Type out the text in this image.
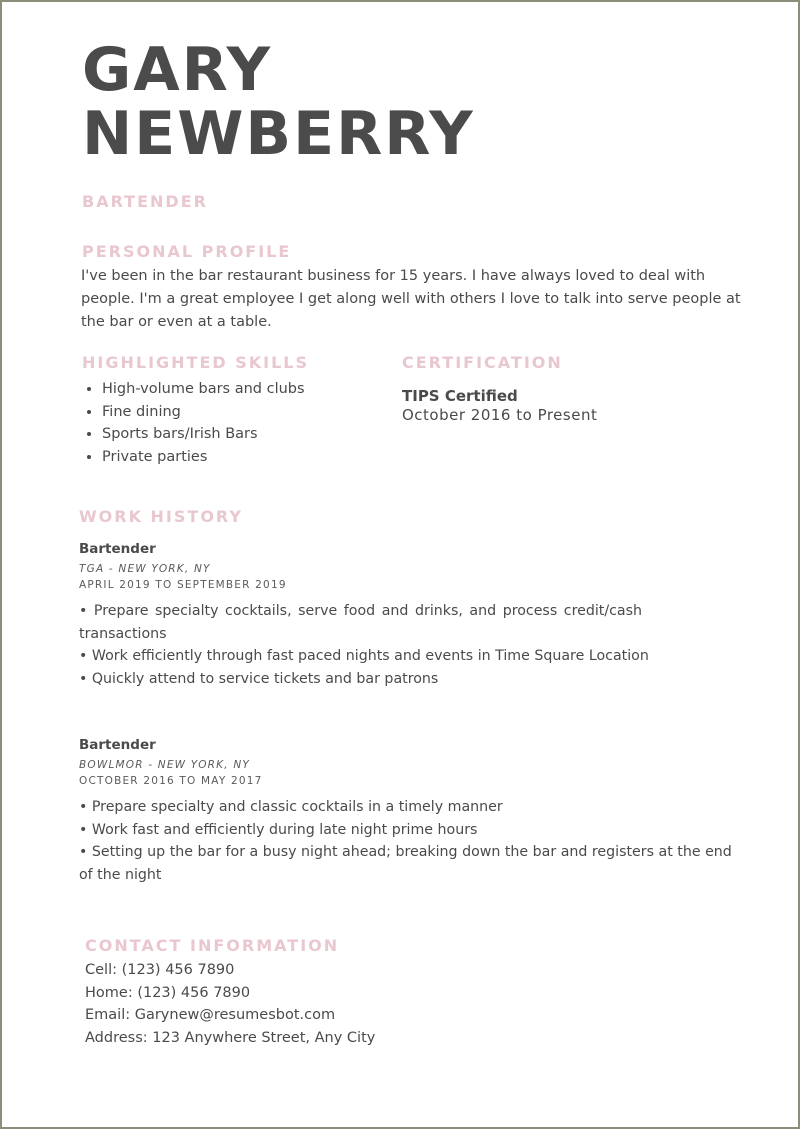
GARY
NEWBERRY
BARTENDER
PERSONAL PROFILE
I've been in the bar restaurant business for 15 years. I have always loved to deal with people. I'm a great employee I get along well with others I love to talk into serve people at the bar or even at a table.
HIGHLIGHTED SKILLS
• High-volume bars and clubs
• Fine dining
• Sports bars/Irish Bars
• Private parties
CERTIFICATION
TIPS Certified
October 2016 to Present
WORK HISTORY
Bartender
TGA - NEW YORK, NY
APRIL 2019 TO SEPTEMBER 2019
• Prepare specialty cocktails, serve food and drinks, and process credit/cash transactions
• Work efficiently through fast paced nights and events in Time Square Location
• Quickly attend to service tickets and bar patrons
Bartender
BOWLMOR - NEW YORK, NY
OCTOBER 2016 TO MAY 2017
• Prepare specialty and classic cocktails in a timely manner
• Work fast and efficiently during late night prime hours
• Setting up the bar for a busy night ahead; breaking down the bar and registers at the end of the night
CONTACT INFORMATION
Cell: (123) 456 7890
Home: (123) 456 7890
Email: Garynew@resumesbot.com
Address: 123 Anywhere Street, Any City
